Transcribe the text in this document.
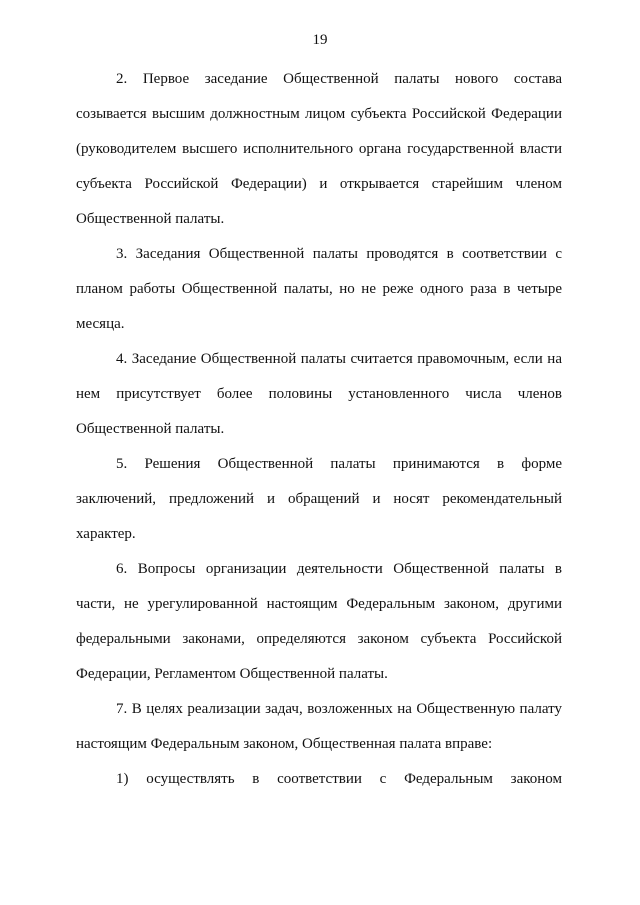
19

2. Первое заседание Общественной палаты нового состава созывается высшим должностным лицом субъекта Российской Федерации (руководителем высшего исполнительного органа государственной власти субъекта Российской Федерации) и открывается старейшим членом Общественной палаты.

3. Заседания Общественной палаты проводятся в соответствии с планом работы Общественной палаты, но не реже одного раза в четыре месяца.

4. Заседание Общественной палаты считается правомочным, если на нем присутствует более половины установленного числа членов Общественной палаты.

5. Решения Общественной палаты принимаются в форме заключений, предложений и обращений и носят рекомендательный характер.

6. Вопросы организации деятельности Общественной палаты в части, не урегулированной настоящим Федеральным законом, другими федеральными законами, определяются законом субъекта Российской Федерации, Регламентом Общественной палаты.

7. В целях реализации задач, возложенных на Общественную палату настоящим Федеральным законом, Общественная палата вправе:

1) осуществлять в соответствии с Федеральным законом
